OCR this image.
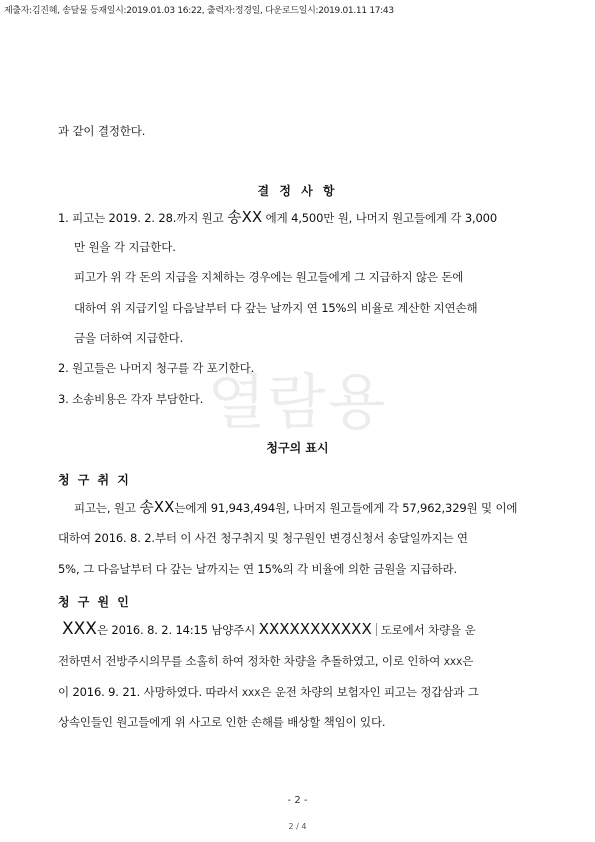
제출자:김진혜, 송달물 등재일시:2019.01.03 16:22, 출력자:정경일, 다운로드일시:2019.01.11 17:43
열람용
과 같이 결정한다.
결 정 사 항
1. 피고는 2019. 2. 28.까지 원고 송XX 에게 4,500만 원, 나머지 원고들에게 각 3,000
만 원을 각 지급한다.
피고가 위 각 돈의 지급을 지체하는 경우에는 원고들에게 그 지급하지 않은 돈에
대하여 위 지급기일 다음날부터 다 갚는 날까지 연 15%의 비율로 계산한 지연손해
금을 더하여 지급한다.
2. 원고들은 나머지 청구를 각 포기한다.
3. 소송비용은 각자 부담한다.
청구의 표시
청 구 취 지
피고는, 원고 송XX는에게 91,943,494원, 나머지 원고들에게 각 57,962,329원 및 이에
대하여 2016. 8. 2.부터 이 사건 청구취지 및 청구원인 변경신청서 송달일까지는 연
5%, 그 다음날부터 다 갚는 날까지는 연 15%의 각 비율에 의한 금원을 지급하라.
청 구 원 인
XXX은 2016. 8. 2. 14:15 남양주시 XXXXXXXXXXX 도로에서 차량을 운
전하면서 전방주시의무를 소홀히 하여 정차한 차량을 추돌하였고, 이로 인하여 XXX은
이 2016. 9. 21. 사망하였다. 따라서 XXX은 운전 차량의 보험자인 피고는 정갑삼과 그
상속인들인 원고들에게 위 사고로 인한 손해를 배상할 책임이 있다.
- 2 -
2 / 4
